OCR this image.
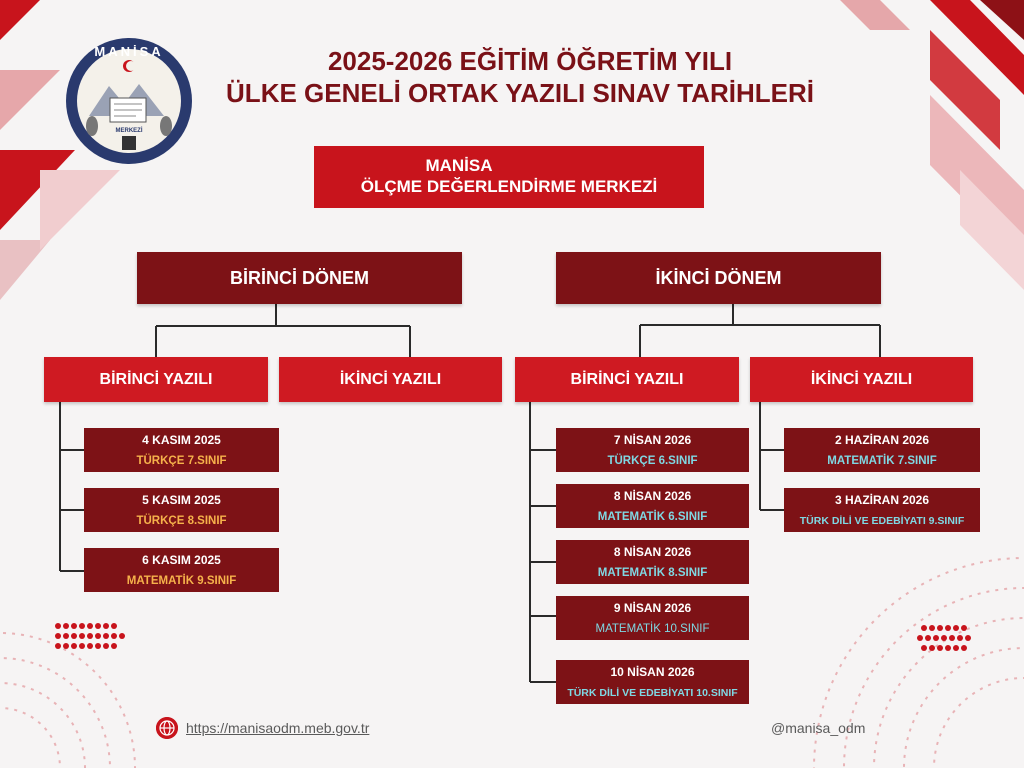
MANİSA
MERKEZİ
2025-2026 EĞİTİM ÖĞRETİM YILI
ÜLKE GENELİ ORTAK YAZILI SINAV TARİHLERİ
MANİSA
ÖLÇME DEĞERLENDİRME MERKEZİ
BİRİNCİ DÖNEM	İKİNCİ DÖNEM
BİRİNCİ YAZILI	İKİNCİ YAZILI	BİRİNCİ YAZILI	İKİNCİ YAZILI
4 KASIM 2025
TÜRKÇE 7.SINIF
5 KASIM 2025
TÜRKÇE 8.SINIF
6 KASIM 2025
MATEMATİK 9.SINIF
7 NİSAN 2026
TÜRKÇE 6.SINIF
8 NİSAN 2026
MATEMATİK 6.SINIF
8 NİSAN 2026
MATEMATİK 8.SINIF
9 NİSAN 2026
MATEMATİK 10.SINIF
10 NİSAN 2026
TÜRK DİLİ VE EDEBİYATI 10.SINIF
2 HAZİRAN 2026
MATEMATİK 7.SINIF
3 HAZİRAN 2026
TÜRK DİLİ VE EDEBİYATI 9.SINIF
https://manisaodm.meb.gov.tr	@manisa_odm
